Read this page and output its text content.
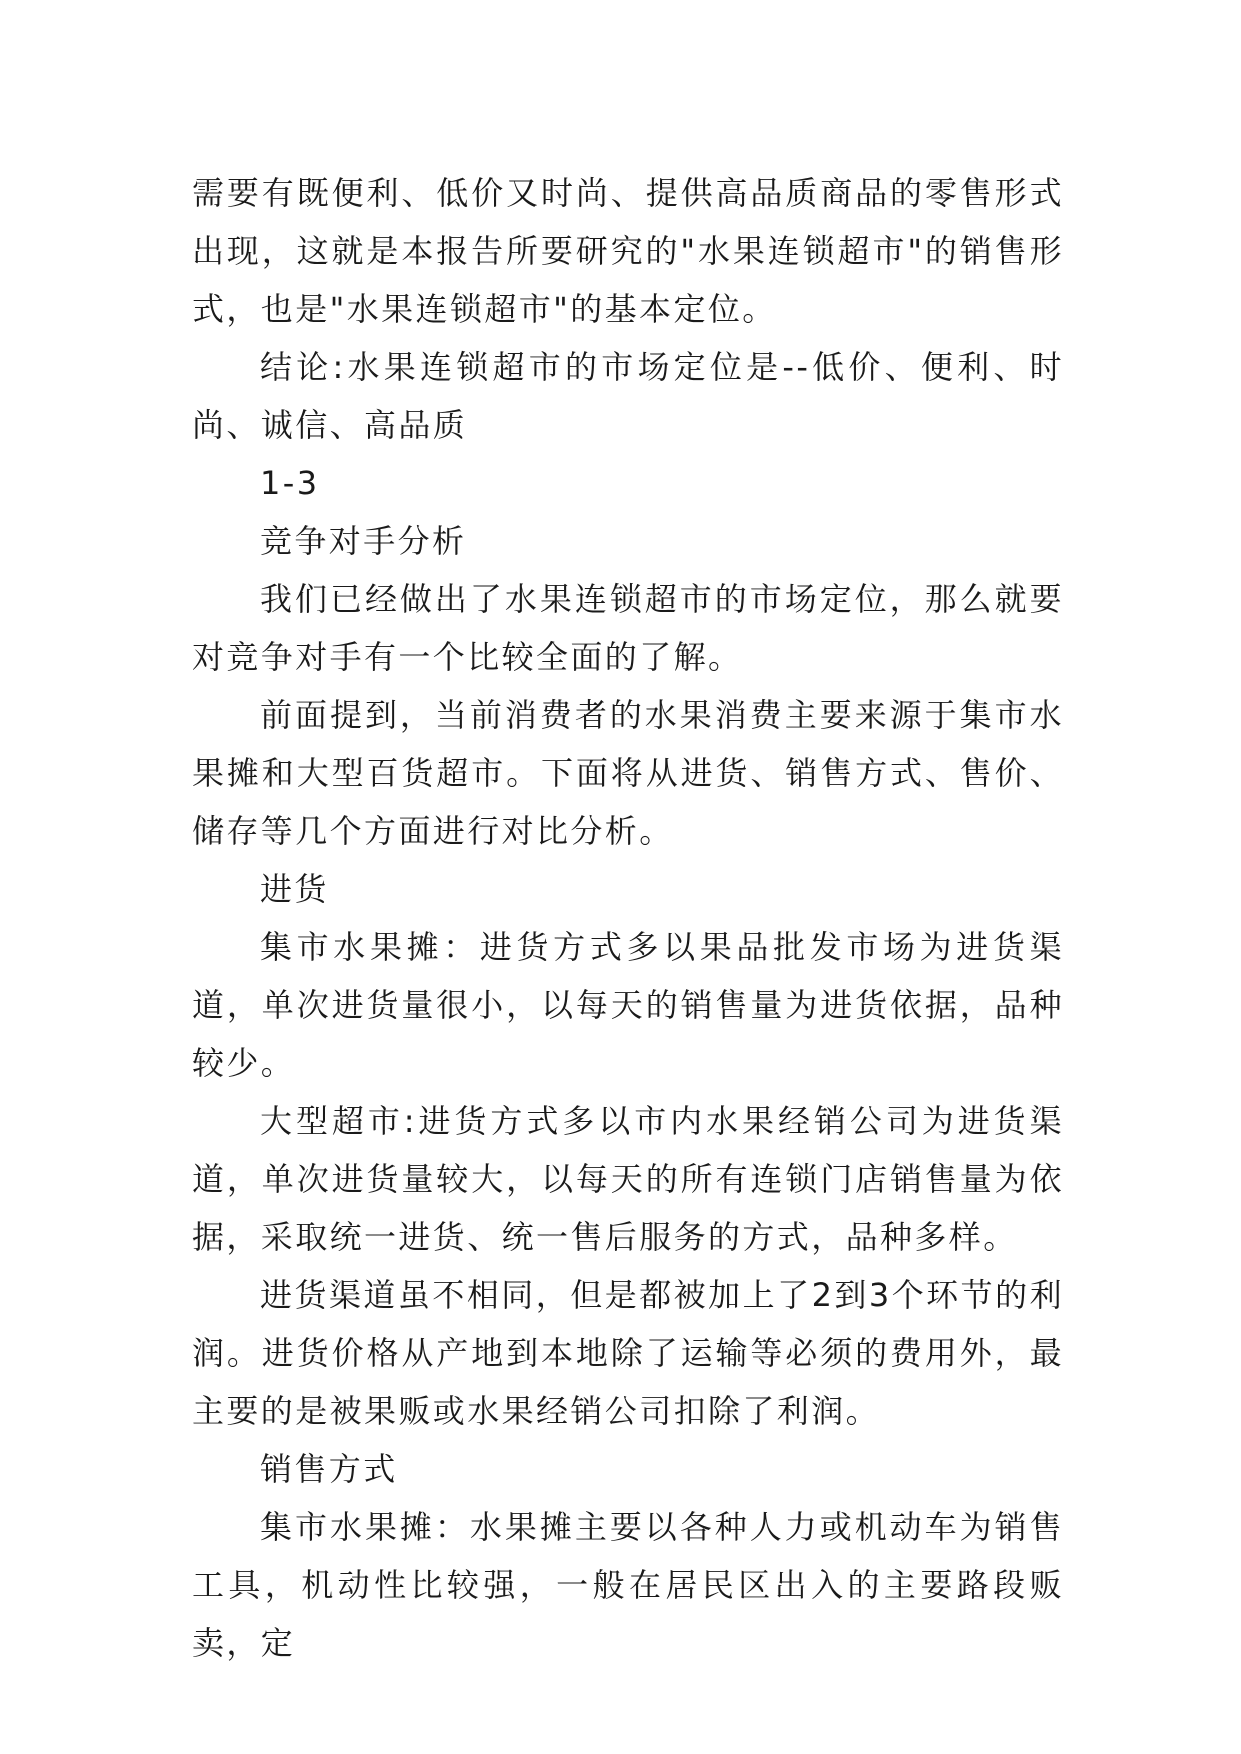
需要有既便利、低价又时尚、提供高品质商品的零售形式出现，这就是本报告所要研究的"水果连锁超市"的销售形式，也是"水果连锁超市"的基本定位。

结论:水果连锁超市的市场定位是--低价、便利、时尚、诚信、高品质

1-3

竞争对手分析

我们已经做出了水果连锁超市的市场定位，那么就要对竞争对手有一个比较全面的了解。

前面提到，当前消费者的水果消费主要来源于集市水果摊和大型百货超市。下面将从进货、销售方式、售价、储存等几个方面进行对比分析。

进货

集市水果摊：进货方式多以果品批发市场为进货渠道，单次进货量很小，以每天的销售量为进货依据，品种较少。

大型超市:进货方式多以市内水果经销公司为进货渠道，单次进货量较大，以每天的所有连锁门店销售量为依据，采取统一进货、统一售后服务的方式，品种多样。

进货渠道虽不相同，但是都被加上了2到3个环节的利润。进货价格从产地到本地除了运输等必须的费用外，最主要的是被果贩或水果经销公司扣除了利润。

销售方式

集市水果摊：水果摊主要以各种人力或机动车为销售工具，机动性比较强，一般在居民区出入的主要路段贩卖，定
